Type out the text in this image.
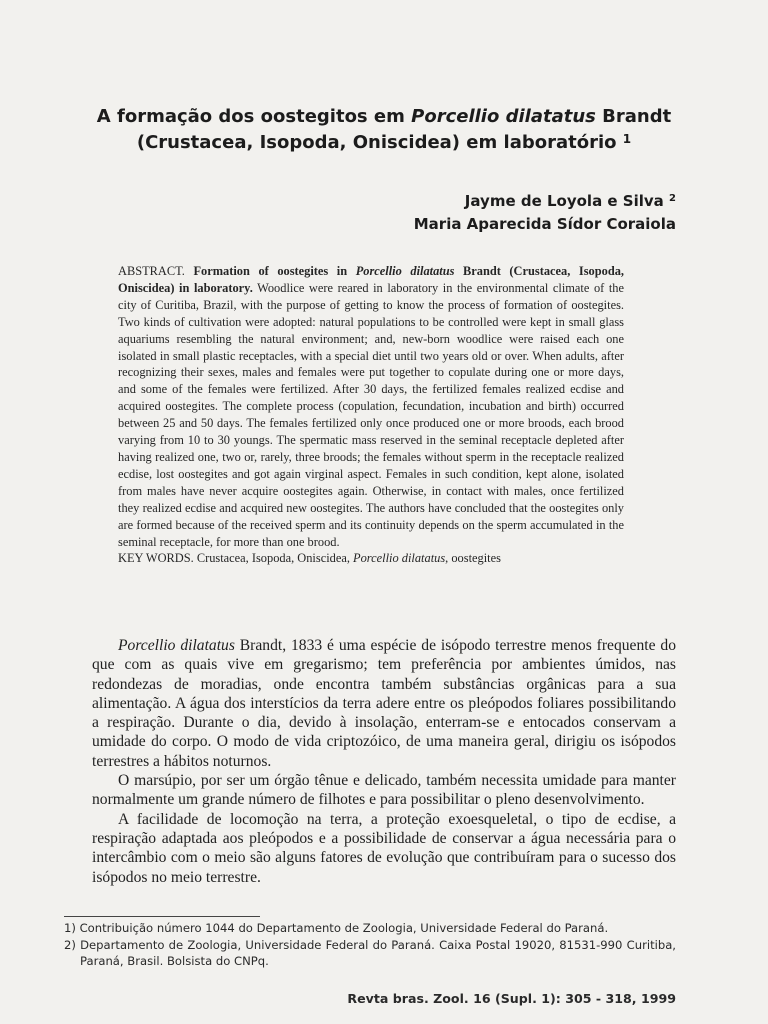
A formação dos oostegitos em Porcellio dilatatus Brandt
(Crustacea, Isopoda, Oniscidea) em laboratório $^1$
Jayme de Loyola e Silva $^2$
Maria Aparecida Sídor Coraiola
ABSTRACT. Formation of oostegites in Porcellio dilatatus Brandt (Crustacea, Isopoda, Oniscidea) in laboratory. Woodlice were reared in laboratory in the environmental climate of the city of Curitiba, Brazil, with the purpose of getting to know the process of formation of oostegites. Two kinds of cultivation were adopted: natural populations to be controlled were kept in small glass aquariums resembling the natural environment; and, new-born woodlice were raised each one isolated in small plastic receptacles, with a special diet until two years old or over. When adults, after recognizing their sexes, males and females were put together to copulate during one or more days, and some of the females were fertilized. After 30 days, the fertilized females realized ecdise and acquired oostegites. The complete process (copulation, fecundation, incubation and birth) occurred between 25 and 50 days. The females fertilized only once produced one or more broods, each brood varying from 10 to 30 youngs. The spermatic mass reserved in the seminal receptacle depleted after having realized one, two or, rarely, three broods; the females without sperm in the receptacle realized ecdise, lost oostegites and got again virginal aspect. Females in such condition, kept alone, isolated from males have never acquire oostegites again. Otherwise, in contact with males, once fertilized they realized ecdise and acquired new oostegites. The authors have concluded that the oostegites only are formed because of the received sperm and its continuity depends on the sperm accumulated in the seminal receptacle, for more than one brood.
KEY WORDS. Crustacea, Isopoda, Oniscidea, Porcellio dilatatus, oostegites

Porcellio dilatatus Brandt, 1833 é uma espécie de isópodo terrestre menos frequente do que com as quais vive em gregarismo; tem preferência por ambientes úmidos, nas redondezas de moradias, onde encontra também substâncias orgânicas para a sua alimentação. A água dos interstícios da terra adere entre os pleópodos foliares possibilitando a respiração. Durante o dia, devido à insolação, enterram-se e entocados conservam a umidade do corpo. O modo de vida criptozóico, de uma maneira geral, dirigiu os isópodos terrestres a hábitos noturnos.

O marsúpio, por ser um órgão tênue e delicado, também necessita umidade para manter normalmente um grande número de filhotes e para possibilitar o pleno desenvolvimento.

A facilidade de locomoção na terra, a proteção exoesqueletal, o tipo de ecdise, a respiração adaptada aos pleópodos e a possibilidade de conservar a água necessária para o intercâmbio com o meio são alguns fatores de evolução que contribuíram para o sucesso dos isópodos no meio terrestre.

1) Contribuição número 1044 do Departamento de Zoologia, Universidade Federal do Paraná.
2) Departamento de Zoologia, Universidade Federal do Paraná. Caixa Postal 19020, 81531-990 Curitiba, Paraná, Brasil. Bolsista do CNPq.
Revta bras. Zool. 16 (Supl. 1): 305 - 318, 1999
